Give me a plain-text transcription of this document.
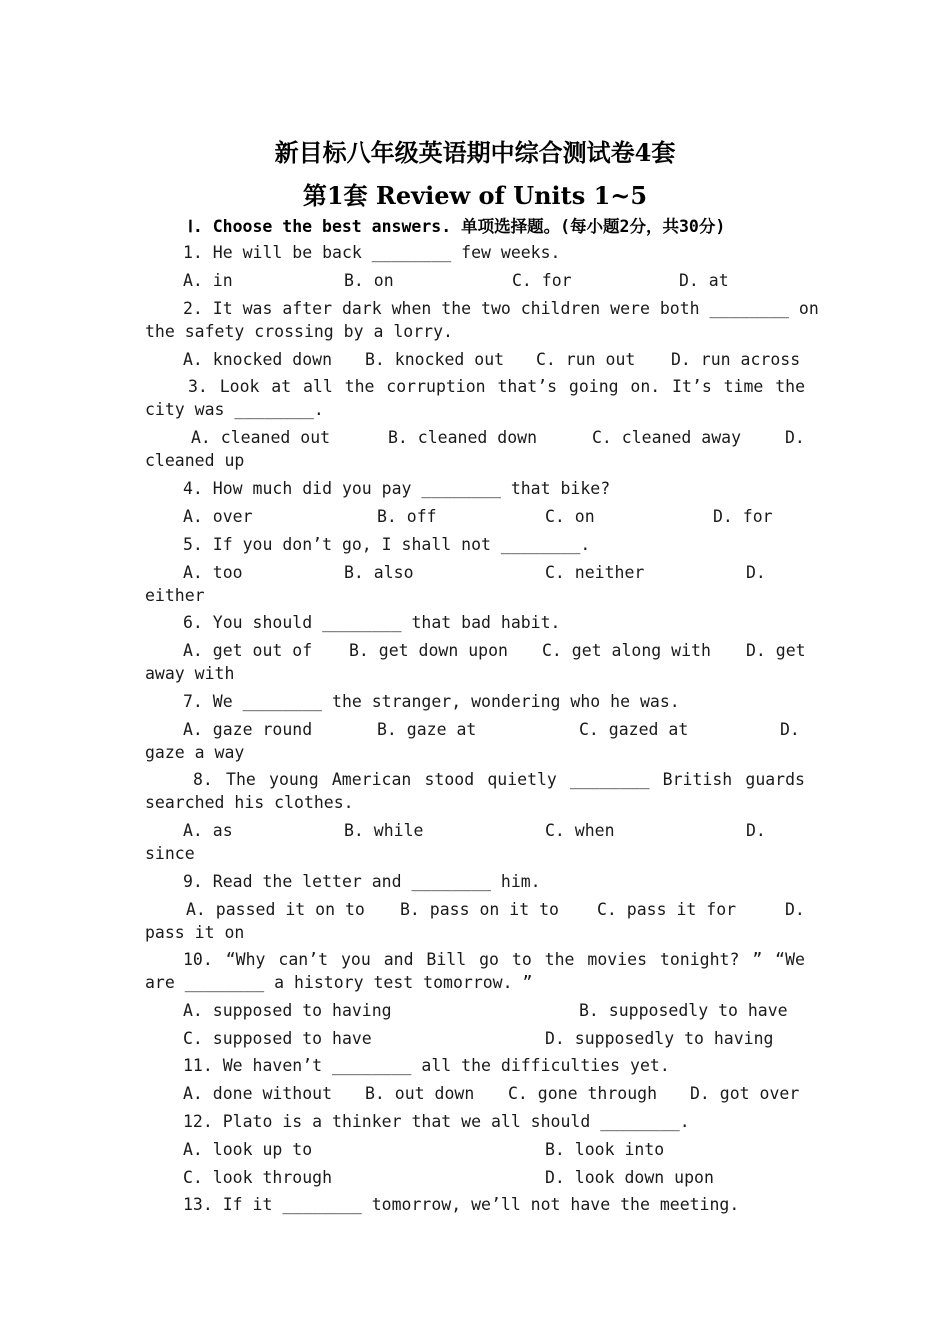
新目标八年级英语期中综合测试卷4套
第1套 Review of Units 1~5
Ⅰ. Choose the best answers. 单项选择题。(每小题2分，共30分)
1. He will be back ________ few weeks.
A. in	B. on	C. for	D. at
2. It was after dark when the two children were both ________ on
the safety crossing by a lorry.
A. knocked down B. knocked out C. run out D. run across
3. Look at all the corruption that’s going on. It’s time the
city was ________.
A. cleaned out	B. cleaned down	C. cleaned away	D.
cleaned up
4. How much did you pay ________ that bike?
A. over	B. off	C. on	D. for
5. If you don’t go, I shall not ________.
A. too	B. also	C. neither	D.
either
6. You should ________ that bad habit.
A. get out of B. get down upon C. get along with D. get
away with
7. We ________ the stranger, wondering who he was.
A. gaze round	B. gaze at	C. gazed at	D.
gaze a way
8. The young American stood quietly ________ British guards
searched his clothes.
A. as	B. while	C. when	D.
since
9. Read the letter and ________ him.
A. passed it on to B. pass on it to C. pass it for	D.
pass it on
10. “Why can’t you and Bill go to the movies tonight? ” “We
are ________ a history test tomorrow. ”
A. supposed to having	B. supposedly to have
C. supposed to have	D. supposedly to having
11. We haven’t ________ all the difficulties yet.
A. done without B. out down C. gone through D. got over
12. Plato is a thinker that we all should ________.
A. look up to	B. look into
C. look through	D. look down upon
13. If it ________ tomorrow, we’ll not have the meeting.
